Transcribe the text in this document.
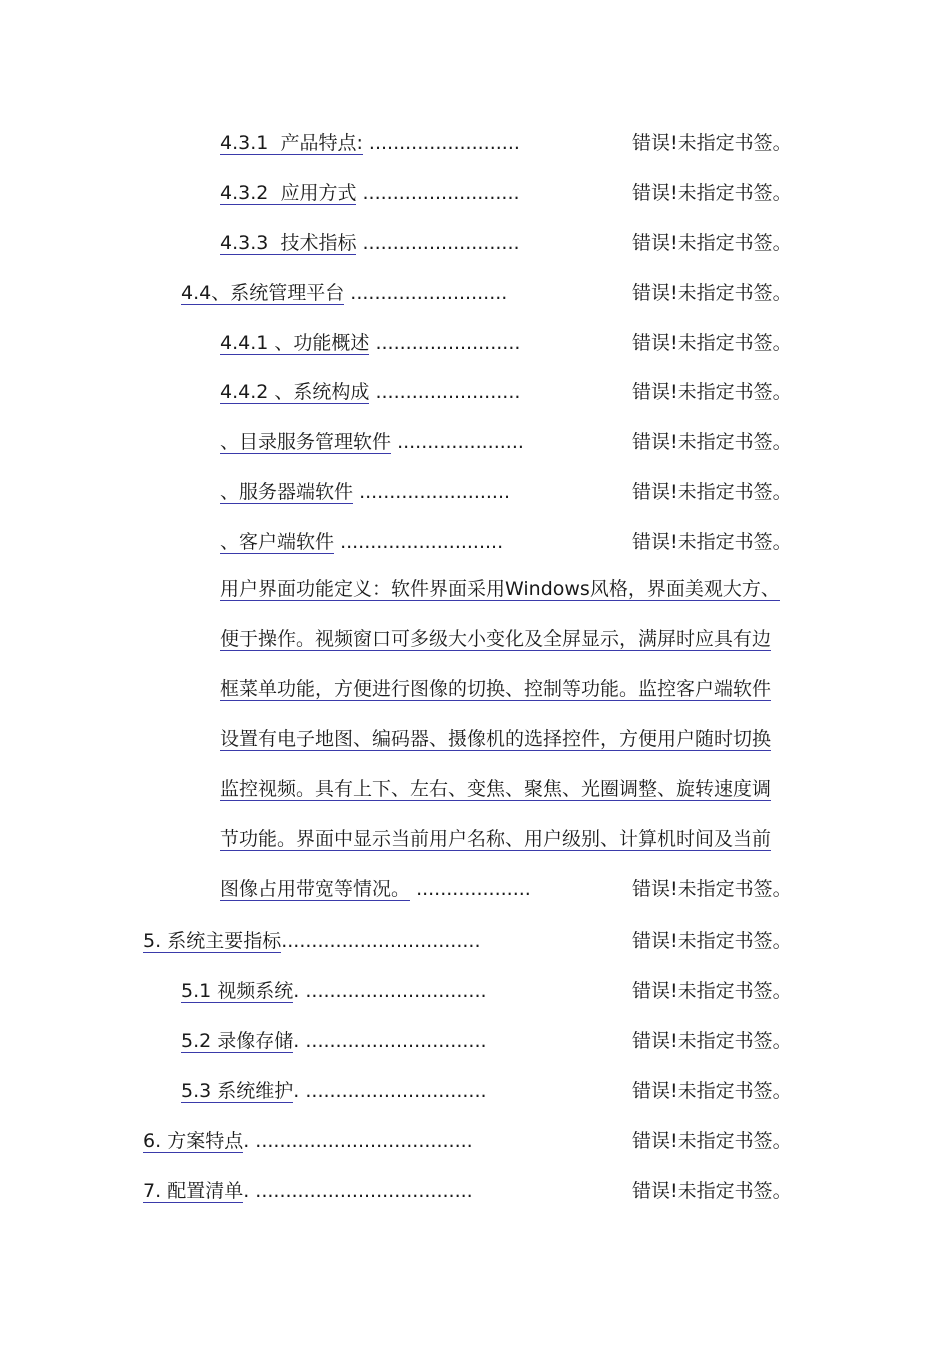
4.3.1 产品特点: .........................	错误!未指定书签。
4.3.2 应用方式 ..........................	错误!未指定书签。
4.3.3 技术指标 ..........................	错误!未指定书签。
4.4、系统管理平台 ..........................	错误!未指定书签。
4.4.1 、功能概述 ........................	错误!未指定书签。
4.4.2 、系统构成 ........................	错误!未指定书签。
、目录服务管理软件 .....................	错误!未指定书签。
、服务器端软件 .........................	错误!未指定书签。
、客户端软件 ...........................	错误!未指定书签。
用户界面功能定义：软件界面采用Windows风格，界面美观大方、
便于操作。视频窗口可多级大小变化及全屏显示，满屏时应具有边
框菜单功能，方便进行图像的切换、控制等功能。监控客户端软件
设置有电子地图、编码器、摄像机的选择控件，方便用户随时切换
监控视频。具有上下、左右、变焦、聚焦、光圈调整、旋转速度调
节功能。界面中显示当前用户名称、用户级别、计算机时间及当前
图像占用带宽等情况。 ...................	错误!未指定书签。
5. 系统主要指标.................................	错误!未指定书签。
5.1 视频系统. ..............................	错误!未指定书签。
5.2 录像存储. ..............................	错误!未指定书签。
5.3 系统维护. ..............................	错误!未指定书签。
6. 方案特点. ....................................	错误!未指定书签。
7. 配置清单. ....................................	错误!未指定书签。
